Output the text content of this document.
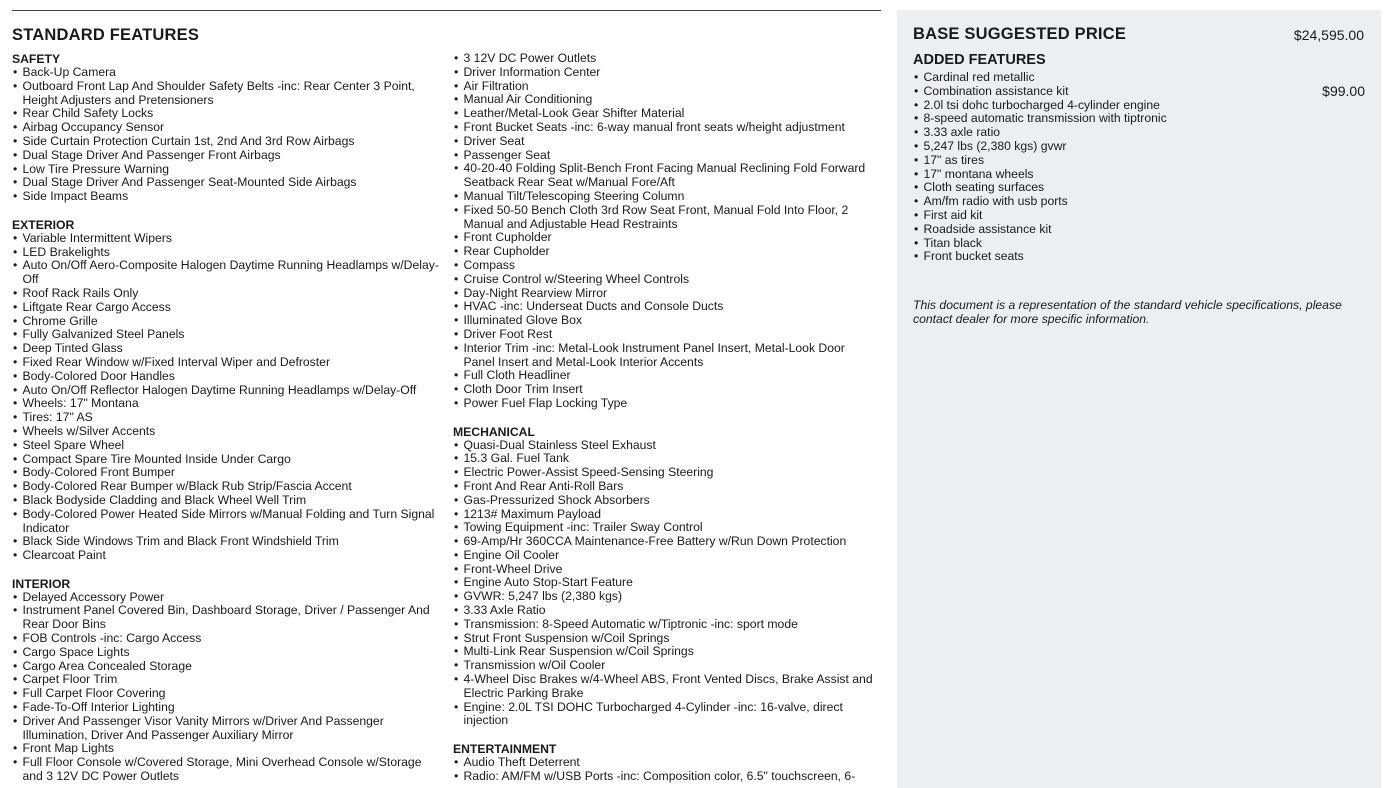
STANDARD FEATURES
SAFETY
• Back-Up Camera
• Outboard Front Lap And Shoulder Safety Belts -inc: Rear Center 3 Point, Height Adjusters and Pretensioners
• Rear Child Safety Locks
• Airbag Occupancy Sensor
• Side Curtain Protection Curtain 1st, 2nd And 3rd Row Airbags
• Dual Stage Driver And Passenger Front Airbags
• Low Tire Pressure Warning
• Dual Stage Driver And Passenger Seat-Mounted Side Airbags
• Side Impact Beams
EXTERIOR
• Variable Intermittent Wipers
• LED Brakelights
• Auto On/Off Aero-Composite Halogen Daytime Running Headlamps w/Delay-Off
• Roof Rack Rails Only
• Liftgate Rear Cargo Access
• Chrome Grille
• Fully Galvanized Steel Panels
• Deep Tinted Glass
• Fixed Rear Window w/Fixed Interval Wiper and Defroster
• Body-Colored Door Handles
• Auto On/Off Reflector Halogen Daytime Running Headlamps w/Delay-Off
• Wheels: 17" Montana
• Tires: 17" AS
• Wheels w/Silver Accents
• Steel Spare Wheel
• Compact Spare Tire Mounted Inside Under Cargo
• Body-Colored Front Bumper
• Body-Colored Rear Bumper w/Black Rub Strip/Fascia Accent
• Black Bodyside Cladding and Black Wheel Well Trim
• Body-Colored Power Heated Side Mirrors w/Manual Folding and Turn Signal Indicator
• Black Side Windows Trim and Black Front Windshield Trim
• Clearcoat Paint
INTERIOR
• Delayed Accessory Power
• Instrument Panel Covered Bin, Dashboard Storage, Driver / Passenger And Rear Door Bins
• FOB Controls -inc: Cargo Access
• Cargo Space Lights
• Cargo Area Concealed Storage
• Carpet Floor Trim
• Full Carpet Floor Covering
• Fade-To-Off Interior Lighting
• Driver And Passenger Visor Vanity Mirrors w/Driver And Passenger Illumination, Driver And Passenger Auxiliary Mirror
• Front Map Lights
• Full Floor Console w/Covered Storage, Mini Overhead Console w/Storage and 3 12V DC Power Outlets
• 3 12V DC Power Outlets
• Driver Information Center
• Air Filtration
• Manual Air Conditioning
• Leather/Metal-Look Gear Shifter Material
• Front Bucket Seats -inc: 6-way manual front seats w/height adjustment
• Driver Seat
• Passenger Seat
• 40-20-40 Folding Split-Bench Front Facing Manual Reclining Fold Forward Seatback Rear Seat w/Manual Fore/Aft
• Manual Tilt/Telescoping Steering Column
• Fixed 50-50 Bench Cloth 3rd Row Seat Front, Manual Fold Into Floor, 2 Manual and Adjustable Head Restraints
• Front Cupholder
• Rear Cupholder
• Compass
• Cruise Control w/Steering Wheel Controls
• Day-Night Rearview Mirror
• HVAC -inc: Underseat Ducts and Console Ducts
• Illuminated Glove Box
• Driver Foot Rest
• Interior Trim -inc: Metal-Look Instrument Panel Insert, Metal-Look Door Panel Insert and Metal-Look Interior Accents
• Full Cloth Headliner
• Cloth Door Trim Insert
• Power Fuel Flap Locking Type
MECHANICAL
• Quasi-Dual Stainless Steel Exhaust
• 15.3 Gal. Fuel Tank
• Electric Power-Assist Speed-Sensing Steering
• Front And Rear Anti-Roll Bars
• Gas-Pressurized Shock Absorbers
• 1213# Maximum Payload
• Towing Equipment -inc: Trailer Sway Control
• 69-Amp/Hr 360CCA Maintenance-Free Battery w/Run Down Protection
• Engine Oil Cooler
• Front-Wheel Drive
• Engine Auto Stop-Start Feature
• GVWR: 5,247 lbs (2,380 kgs)
• 3.33 Axle Ratio
• Transmission: 8-Speed Automatic w/Tiptronic -inc: sport mode
• Strut Front Suspension w/Coil Springs
• Multi-Link Rear Suspension w/Coil Springs
• Transmission w/Oil Cooler
• 4-Wheel Disc Brakes w/4-Wheel ABS, Front Vented Discs, Brake Assist and Electric Parking Brake
• Engine: 2.0L TSI DOHC Turbocharged 4-Cylinder -inc: 16-valve, direct injection
ENTERTAINMENT
• Audio Theft Deterrent
• Radio: AM/FM w/USB Ports -inc: Composition color, 6.5" touchscreen, 6-
BASE SUGGESTED PRICE	$24,595.00
ADDED FEATURES
• Cardinal red metallic
• Combination assistance kit	$99.00
• 2.0l tsi dohc turbocharged 4-cylinder engine
• 8-speed automatic transmission with tiptronic
• 3.33 axle ratio
• 5,247 lbs (2,380 kgs) gvwr
• 17" as tires
• 17" montana wheels
• Cloth seating surfaces
• Am/fm radio with usb ports
• First aid kit
• Roadside assistance kit
• Titan black
• Front bucket seats
This document is a representation of the standard vehicle specifications, please contact dealer for more specific information.
